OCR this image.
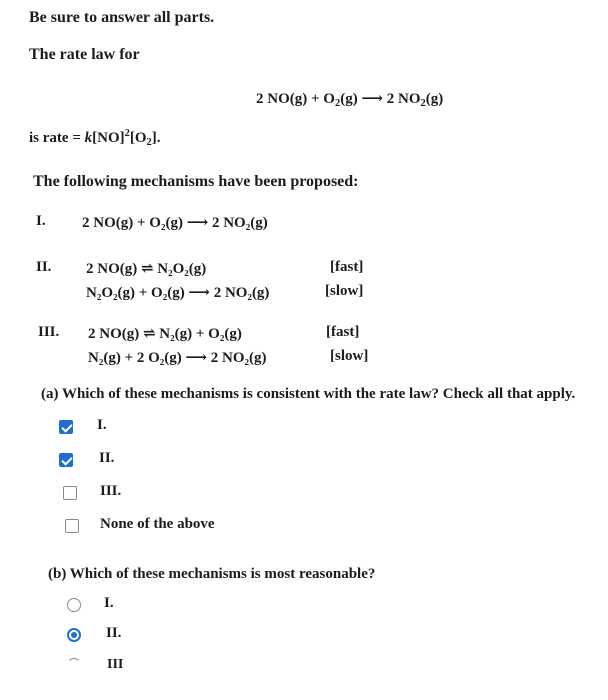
Be sure to answer all parts.
The rate law for
2 $NO(g) + O_2(g)$ ⟶ 2 $NO_2(g)$
is rate = $k[NO]^2[O_2]$.
The following mechanisms have been proposed:
I. 2 NO(g) + O₂(g) ⟶ 2 NO₂(g)
II. 2 NO(g) ⇌ N₂O₂(g)	[fast]
N₂O₂(g) + O₂(g) ⟶ 2 NO₂(g)	[slow]
III. 2 NO(g) ⇌ N₂(g) + O₂(g)	[fast]
N₂(g) + 2 O₂(g) ⟶ 2 NO₂(g)	[slow]
(a) Which of these mechanisms is consistent with the rate law? Check all that apply.
I.
II.
III.
None of the above
(b) Which of these mechanisms is most reasonable?
I.
II.
III
